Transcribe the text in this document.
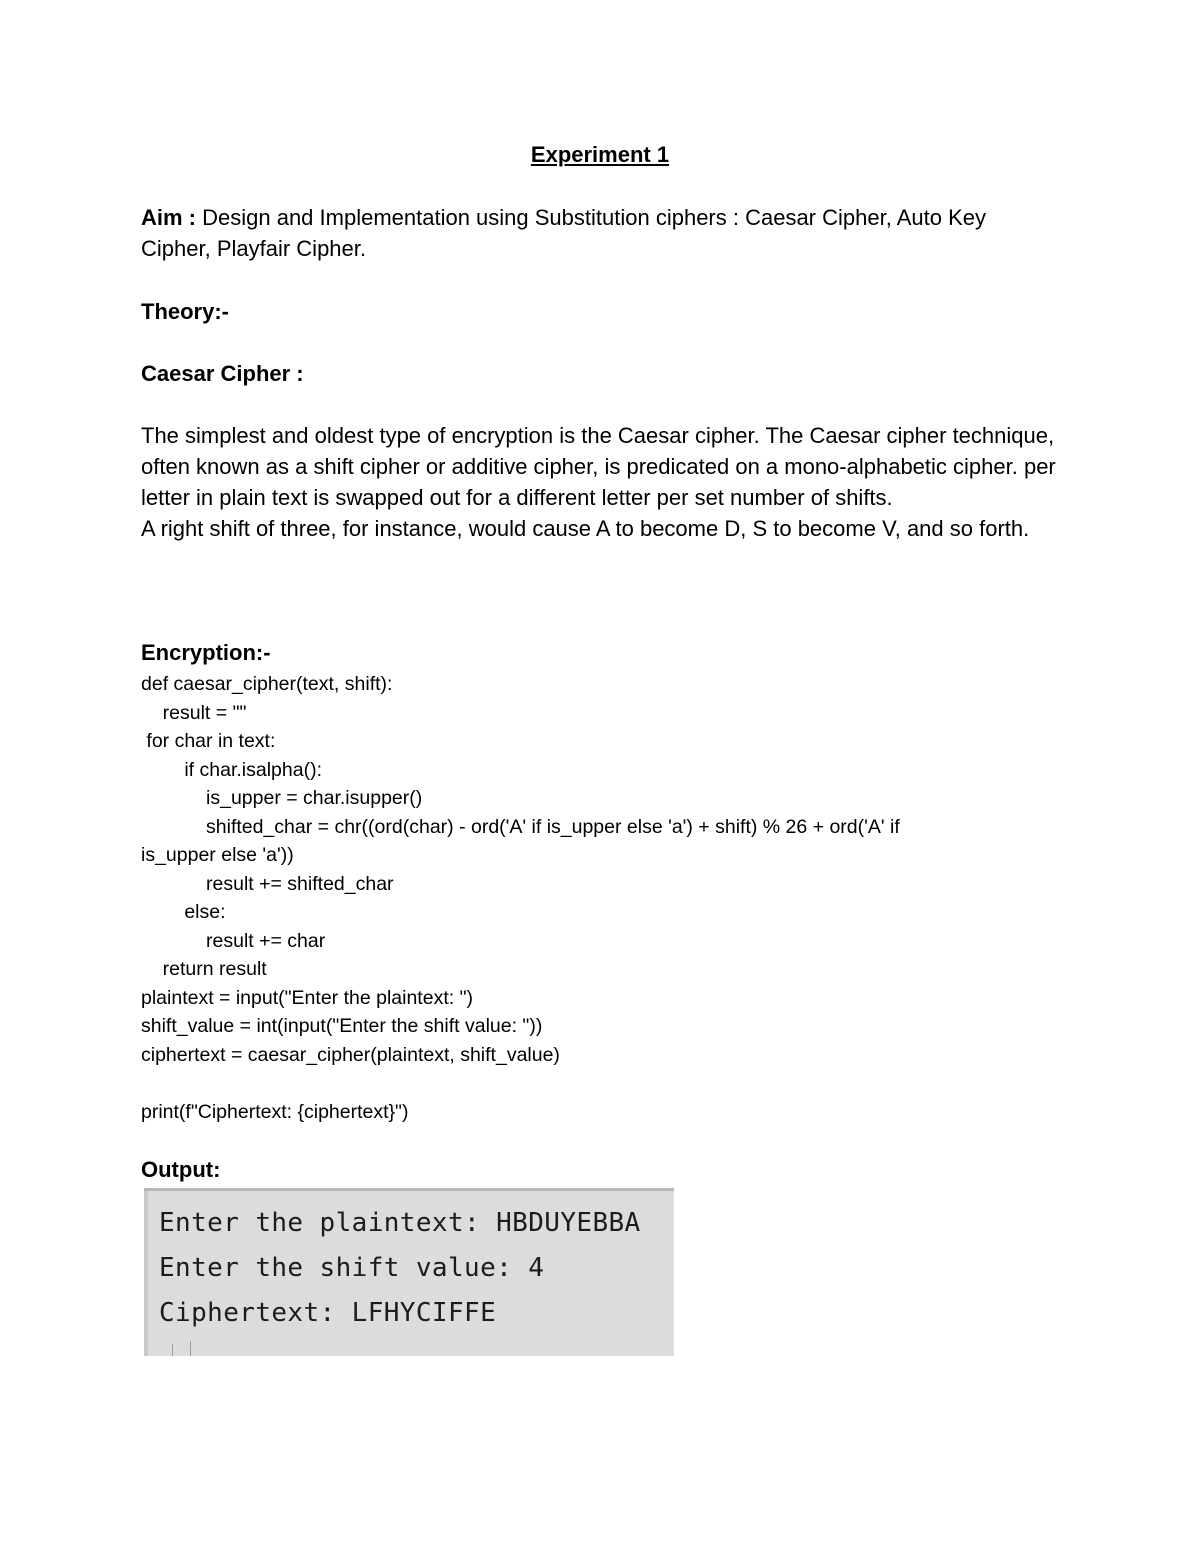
Experiment 1
Aim : Design and Implementation using Substitution ciphers : Caesar Cipher, Auto Key Cipher, Playfair Cipher.
Theory:-
Caesar Cipher :
The simplest and oldest type of encryption is the Caesar cipher. The Caesar cipher technique, often known as a shift cipher or additive cipher, is predicated on a mono-alphabetic cipher. per letter in plain text is swapped out for a different letter per set number of shifts.
A right shift of three, for instance, would cause A to become D, S to become V, and so forth.
Encryption:-
def caesar_cipher(text, shift):
result = ""
for char in text:
if char.isalpha():
is_upper = char.isupper()
shifted_char = chr((ord(char) - ord('A' if is_upper else 'a') + shift) % 26 + ord('A' if
is_upper else 'a'))
result += shifted_char
else:
result += char
return result
plaintext = input("Enter the plaintext: ")
shift_value = int(input("Enter the shift value: "))
ciphertext = caesar_cipher(plaintext, shift_value)
print(f"Ciphertext: {ciphertext}")
Output:
Enter the plaintext: HBDUYEBBA
Enter the shift value: 4
Ciphertext: LFHYCIFFE
